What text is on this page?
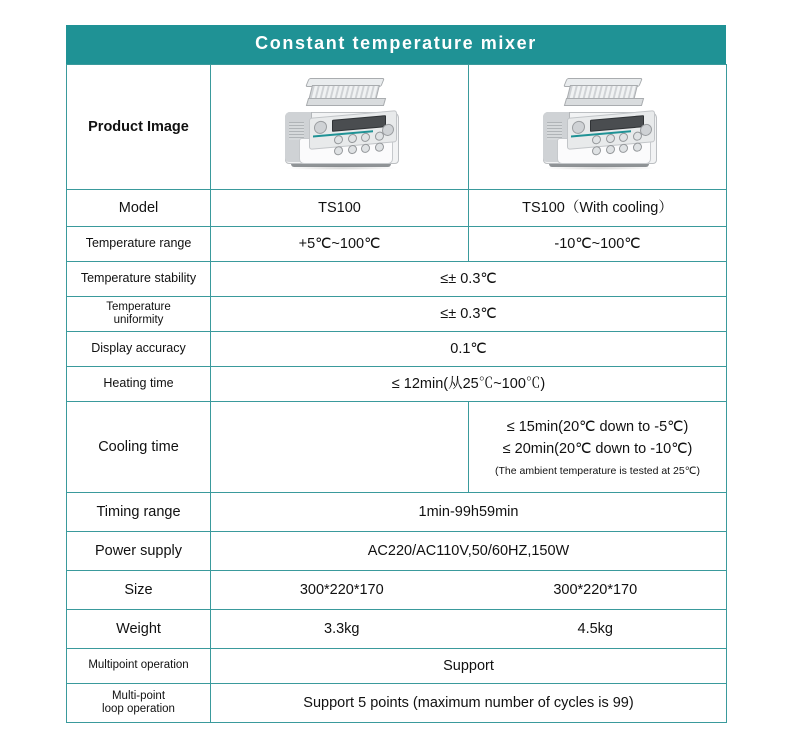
Constant temperature mixer
Product Image	

Model	TS100	TS100（With cooling）
Temperature range	+5℃~100℃	-10℃~100℃
Temperature stability	≤± 0.3℃	

Temperature
uniformity	≤± 0.3℃	
Display accuracy	0.1℃	
Heating time	≤ 12min(从25℃~100℃)	
Cooling time		≤ 15min(20℃ down to -5℃)
≤ 20min(20℃ down to -10℃)
(The ambient temperature is tested at 25℃)

Timing range	1min-99h59min	
Power supply	AC220/AC110V,50/60HZ,150W	
Size	300*220*170 300*220*170	

Weight	3.3kg 4.5kg	

Multipoint operation	Support	

Multi-point
loop operation	Support 5 points (maximum number of cycles is 99)	
